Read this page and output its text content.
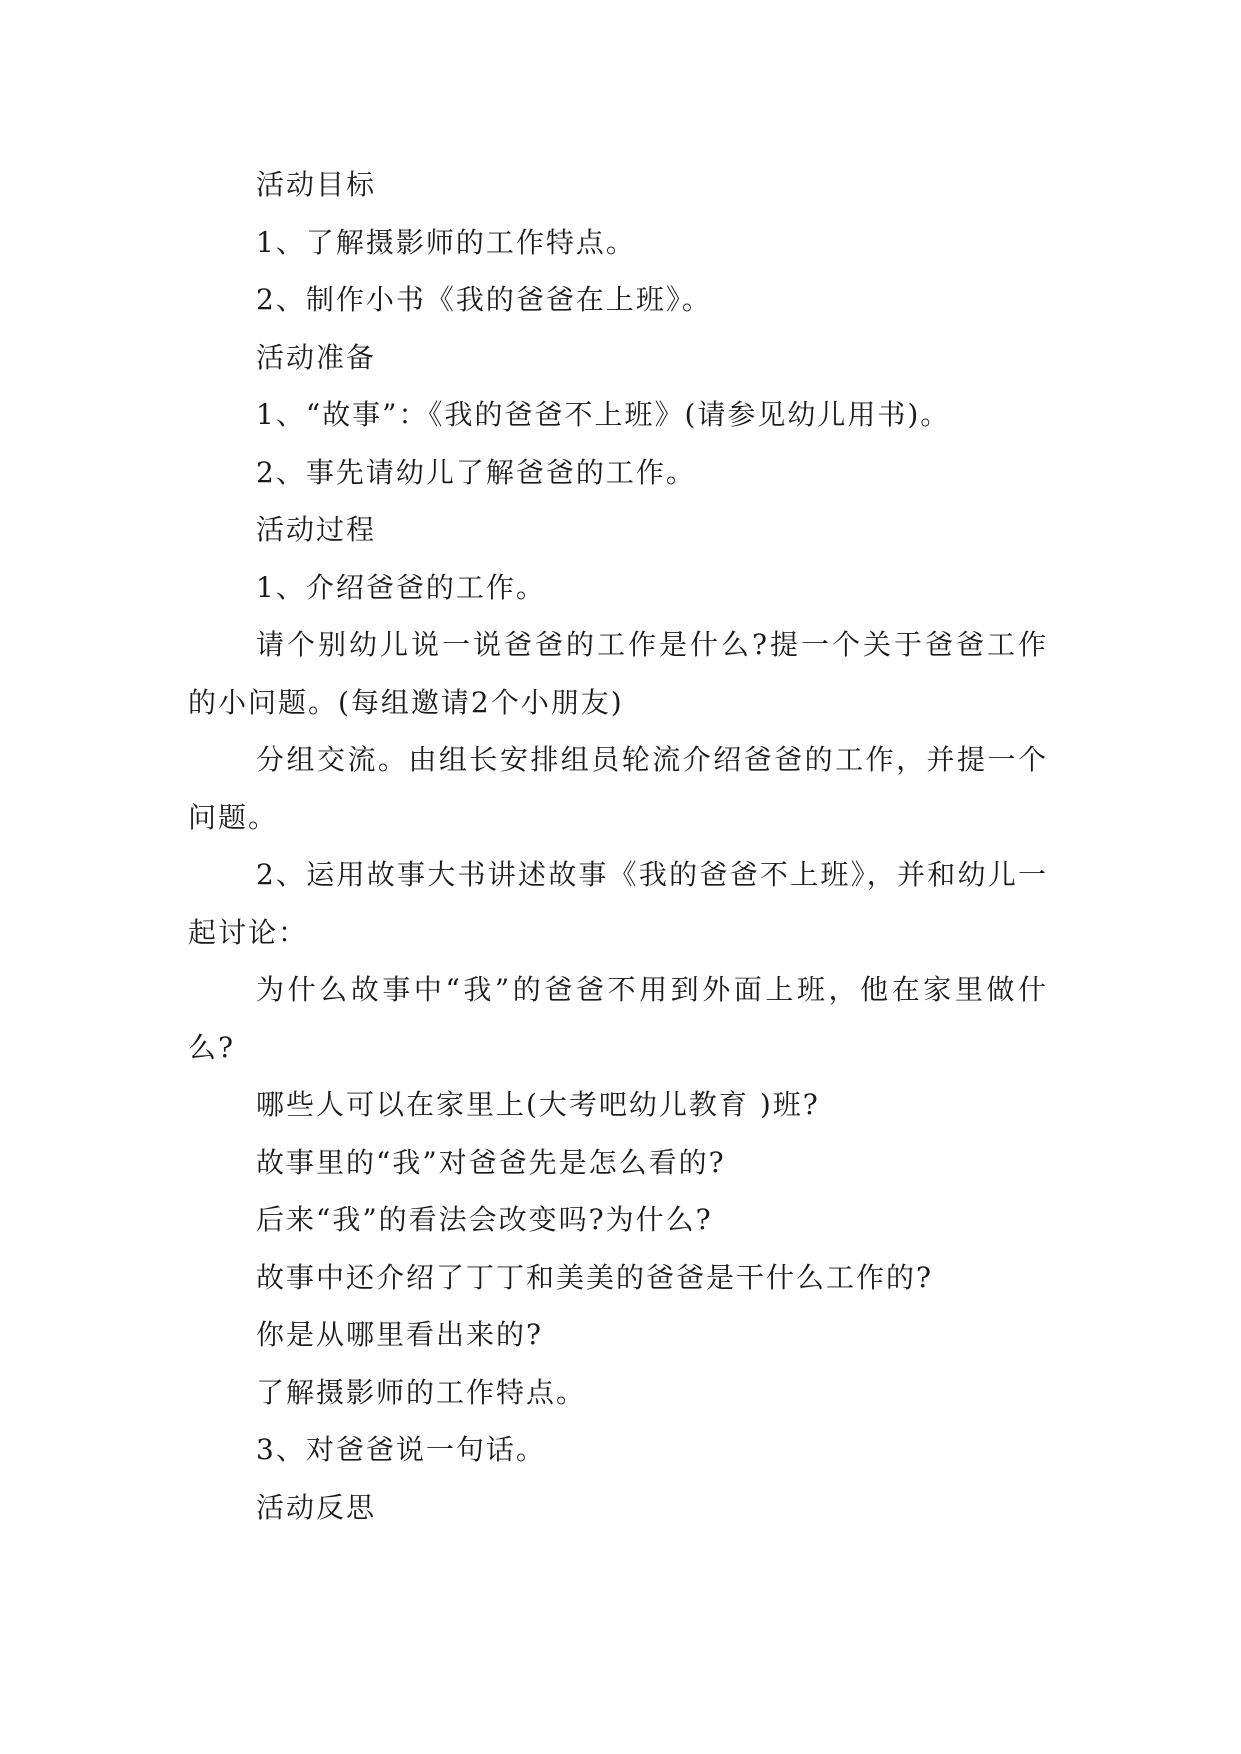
活动目标

1、了解摄影师的工作特点。

2、制作小书《我的爸爸在上班》。

活动准备

1、“故事”：《我的爸爸不上班》(请参见幼儿用书)。

2、事先请幼儿了解爸爸的工作。

活动过程

1、介绍爸爸的工作。

请个别幼儿说一说爸爸的工作是什么?提一个关于爸爸工作的小问题。(每组邀请2个小朋友)

分组交流。由组长安排组员轮流介绍爸爸的工作，并提一个问题。

2、运用故事大书讲述故事《我的爸爸不上班》，并和幼儿一起讨论：

为什么故事中“我”的爸爸不用到外面上班，他在家里做什么?

哪些人可以在家里上(大考吧幼儿教育 )班?

故事里的“我”对爸爸先是怎么看的?

后来“我”的看法会改变吗?为什么?

故事中还介绍了丁丁和美美的爸爸是干什么工作的?

你是从哪里看出来的?

了解摄影师的工作特点。

3、对爸爸说一句话。

活动反思
